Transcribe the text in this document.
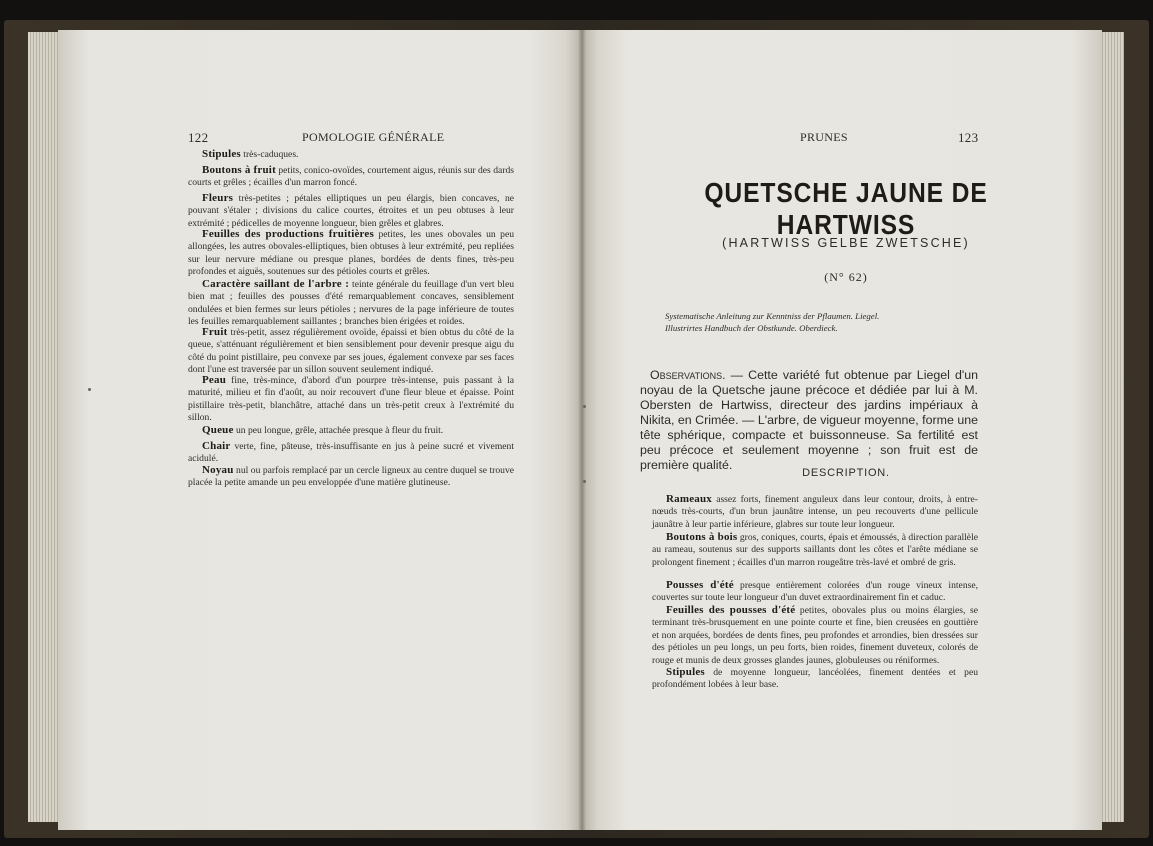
122	POMOLOGIE GÉNÉRALE

Stipules très-caduques.

Boutons à fruit petits, conico-ovoïdes, courtement aigus, réunis sur des dards courts et grêles ; écailles d'un marron foncé.

Fleurs très-petites ; pétales elliptiques un peu élargis, bien concaves, ne pouvant s'étaler ; divisions du calice courtes, étroites et un peu obtuses à leur extrémité ; pédicelles de moyenne longueur, bien grêles et glabres.

Feuilles des productions fruitières petites, les unes obovales un peu allongées, les autres obovales-elliptiques, bien obtuses à leur extrémité, peu repliées sur leur nervure médiane ou presque planes, bordées de dents fines, très-peu profondes et aiguës, soutenues sur des pétioles courts et grêles.

Caractère saillant de l'arbre : teinte générale du feuillage d'un vert bleu bien mat ; feuilles des pousses d'été remarquablement concaves, sensiblement ondulées et bien fermes sur leurs pétioles ; nervures de la page inférieure de toutes les feuilles remarquablement saillantes ; branches bien érigées et roides.

Fruit très-petit, assez régulièrement ovoïde, épaissi et bien obtus du côté de la queue, s'atténuant régulièrement et bien sensiblement pour devenir presque aigu du côté du point pistillaire, peu convexe par ses joues, également convexe par ses faces dont l'une est traversée par un sillon souvent seulement indiqué.

Peau fine, très-mince, d'abord d'un pourpre très-intense, puis passant à la maturité, milieu et fin d'août, au noir recouvert d'une fleur bleue et épaisse. Point pistillaire très-petit, blanchâtre, attaché dans un très-petit creux à l'extrémité du sillon.

Queue un peu longue, grêle, attachée presque à fleur du fruit.

Chair verte, fine, pâteuse, très-insuffisante en jus à peine sucré et vivement acidulé.

Noyau nul ou parfois remplacé par un cercle ligneux au centre duquel se trouve placée la petite amande un peu enveloppée d'une matière glutineuse.

PRUNES	123
QUETSCHE JAUNE DE HARTWISS
(HARTWISS GELBE ZWETSCHE)
(N° 62)
Systematische Anleitung zur Kenntniss der Pflaumen. Liegel.
Illustrirtes Handbuch der Obstkunde. Oberdieck.

Observations. — Cette variété fut obtenue par Liegel d'un noyau de la Quetsche jaune précoce et dédiée par lui à M. Obersten de Hartwiss, directeur des jardins impériaux à Nikita, en Crimée. — L'arbre, de vigueur moyenne, forme une tête sphérique, compacte et buissonneuse. Sa fertilité est peu précoce et seulement moyenne ; son fruit est de première qualité.

DESCRIPTION.

Rameaux assez forts, finement anguleux dans leur contour, droits, à entre-nœuds très-courts, d'un brun jaunâtre intense, un peu recouverts d'une pellicule jaunâtre à leur partie inférieure, glabres sur toute leur longueur.

Boutons à bois gros, coniques, courts, épais et émoussés, à direction parallèle au rameau, soutenus sur des supports saillants dont les côtes et l'arête médiane se prolongent finement ; écailles d'un marron rougeâtre très-lavé et ombré de gris.

Pousses d'été presque entièrement colorées d'un rouge vineux intense, couvertes sur toute leur longueur d'un duvet extraordinairement fin et caduc.

Feuilles des pousses d'été petites, obovales plus ou moins élargies, se terminant très-brusquement en une pointe courte et fine, bien creusées en gouttière et non arquées, bordées de dents fines, peu profondes et arrondies, bien dressées sur des pétioles un peu longs, un peu forts, bien roides, finement duveteux, colorés de rouge et munis de deux grosses glandes jaunes, globuleuses ou réniformes.

Stipules de moyenne longueur, lancéolées, finement dentées et peu profondément lobées à leur base.
